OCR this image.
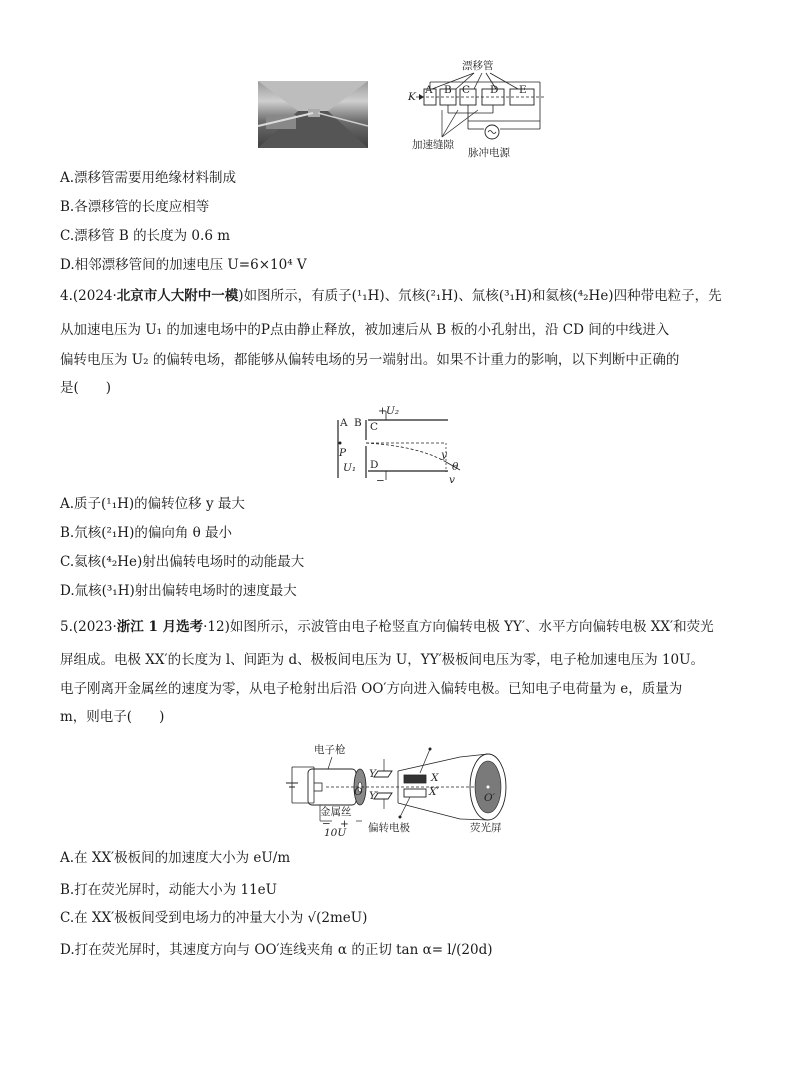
漂移管
K
A B C D E
加速缝隙
脉冲电源
A.漂移管需要用绝缘材料制成
B.各漂移管的长度应相等
C.漂移管 B 的长度为 0.6 m
D.相邻漂移管间的加速电压 U=6×10⁴ V
4.(2024·北京市人大附中一模)如图所示，有质子(¹₁H)、氘核(²₁H)、氚核(³₁H)和氦核(⁴₂He)四种带电粒子，先
从加速电压为 U₁ 的加速电场中的P点由静止释放，被加速后从 B 板的小孔射出，沿 CD 间的中线进入
偏转电压为 U₂ 的偏转电场，都能够从偏转电场的另一端射出。如果不计重力的影响，以下判断中正确的
是(　　)
+ U₂
A B C
P	y
θ
v
D
U₁
−
A.质子(¹₁H)的偏转位移 y 最大
B.氘核(²₁H)的偏向角 θ 最小
C.氦核(⁴₂He)射出偏转电场时的动能最大
D.氚核(³₁H)射出偏转电场时的速度最大
5.(2023·浙江 1 月选考·12)如图所示，示波管由电子枪竖直方向偏转电极 YY′、水平方向偏转电极 XX′和荧光
屏组成。电极 XX′的长度为 l、间距为 d、极板间电压为 U，YY′极板间电压为零，电子枪加速电压为 10U。
电子刚离开金属丝的速度为零，从电子枪射出后沿 OO′方向进入偏转电极。已知电子电荷量为 e，质量为
m，则电子(　　)
电子枪
金属丝
− +
10U
O
Y
Y′
X
X′	O′
偏转电极	荧光屏
A.在 XX′极板间的加速度大小为 eU/m
B.打在荧光屏时，动能大小为 11eU
C.在 XX′极板间受到电场力的冲量大小为 √(2meU)
D.打在荧光屏时，其速度方向与 OO′连线夹角 α 的正切 tan α= l/(20d)
